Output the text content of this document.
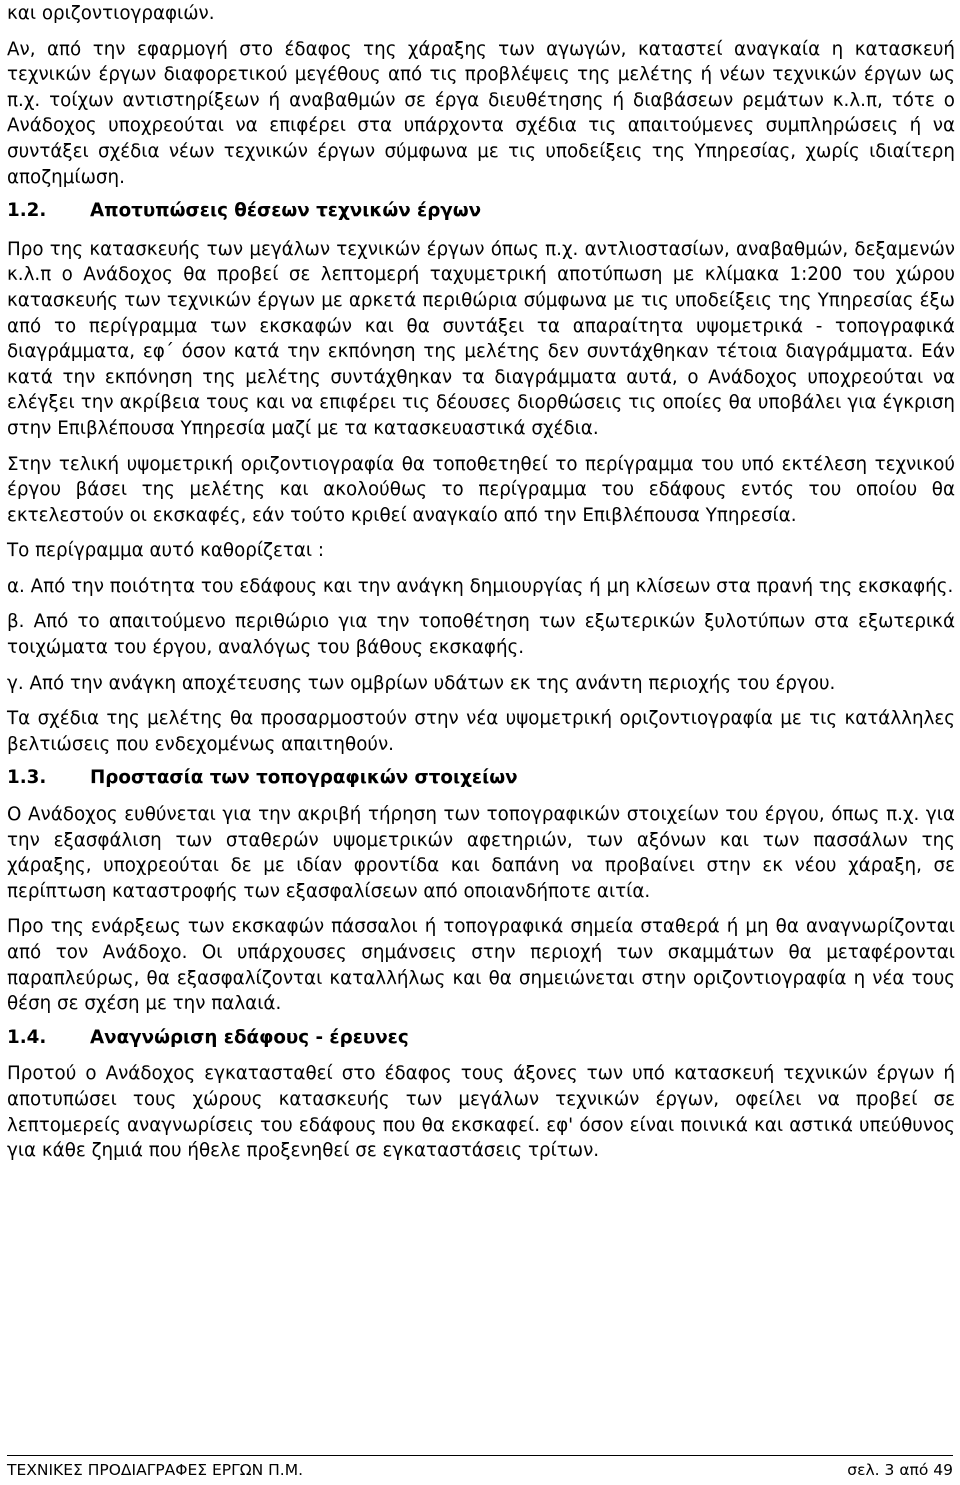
και οριζοντιογραφιών.

Αν, από την εφαρμογή στο έδαφος της χάραξης των αγωγών, καταστεί αναγκαία η κατασκευή τεχνικών έργων διαφορετικού μεγέθους από τις προβλέψεις της μελέτης ή νέων τεχνικών έργων ως π.χ. τοίχων αντιστηρίξεων ή αναβαθμών σε έργα διευθέτησης ή διαβάσεων ρεμάτων κ.λ.π, τότε ο Ανάδοχος υποχρεούται να επιφέρει στα υπάρχοντα σχέδια τις απαιτούμενες συμπληρώσεις ή να συντάξει σχέδια νέων τεχνικών έργων σύμφωνα με τις υποδείξεις της Υπηρεσίας, χωρίς ιδιαίτερη αποζημίωση.

1.2.	Αποτυπώσεις θέσεων τεχνικών έργων

Προ της κατασκευής των μεγάλων τεχνικών έργων όπως π.χ. αντλιοστασίων, αναβαθμών, δεξαμενών κ.λ.π ο Ανάδοχος θα προβεί σε λεπτομερή ταχυμετρική αποτύπωση με κλίμακα 1:200 του χώρου κατασκευής των τεχνικών έργων με αρκετά περιθώρια σύμφωνα με τις υποδείξεις της Υπηρεσίας έξω από το περίγραμμα των εκσκαφών και θα συντάξει τα απαραίτητα υψομετρικά - τοπογραφικά διαγράμματα, εφ΄ όσον κατά την εκπόνηση της μελέτης δεν συντάχθηκαν τέτοια διαγράμματα. Εάν κατά την εκπόνηση της μελέτης συντάχθηκαν τα διαγράμματα αυτά, ο Ανάδοχος υποχρεούται να ελέγξει την ακρίβεια τους και να επιφέρει τις δέουσες διορθώσεις τις οποίες θα υποβάλει για έγκριση στην Επιβλέπουσα Υπηρεσία μαζί με τα κατασκευαστικά σχέδια.

Στην τελική υψομετρική οριζοντιογραφία θα τοποθετηθεί το περίγραμμα του υπό εκτέλεση τεχνικού έργου βάσει της μελέτης και ακολούθως το περίγραμμα του εδάφους εντός του οποίου θα εκτελεστούν οι εκσκαφές, εάν τούτο κριθεί αναγκαίο από την Επιβλέπουσα Υπηρεσία.

Το περίγραμμα αυτό καθορίζεται :

α. Από την ποιότητα του εδάφους και την ανάγκη δημιουργίας ή μη κλίσεων στα πρανή της εκσκαφής.

β. Από το απαιτούμενο περιθώριο για την τοποθέτηση των εξωτερικών ξυλοτύπων στα εξωτερικά τοιχώματα του έργου, αναλόγως του βάθους εκσκαφής.

γ. Από την ανάγκη αποχέτευσης των ομβρίων υδάτων εκ της ανάντη περιοχής του έργου.

Τα σχέδια της μελέτης θα προσαρμοστούν στην νέα υψομετρική οριζοντιογραφία με τις κατάλληλες βελτιώσεις που ενδεχομένως απαιτηθούν.

1.3.	Προστασία των τοπογραφικών στοιχείων

Ο Ανάδοχος ευθύνεται για την ακριβή τήρηση των τοπογραφικών στοιχείων του έργου, όπως π.χ. για την εξασφάλιση των σταθερών υψομετρικών αφετηριών, των αξόνων και των πασσάλων της χάραξης, υποχρεούται δε με ιδίαν φροντίδα και δαπάνη να προβαίνει στην εκ νέου χάραξη, σε περίπτωση καταστροφής των εξασφαλίσεων από οποιανδήποτε αιτία.

Προ της ενάρξεως των εκσκαφών πάσσαλοι ή τοπογραφικά σημεία σταθερά ή μη θα αναγνωρίζονται από τον Ανάδοχο. Οι υπάρχουσες σημάνσεις στην περιοχή των σκαμμάτων θα μεταφέρονται παραπλεύρως, θα εξασφαλίζονται καταλλήλως και θα σημειώνεται στην οριζοντιογραφία η νέα τους θέση σε σχέση με την παλαιά.

1.4.	Αναγνώριση εδάφους - έρευνες

Προτού ο Ανάδοχος εγκατασταθεί στο έδαφος τους άξονες των υπό κατασκευή τεχνικών έργων ή αποτυπώσει τους χώρους κατασκευής των μεγάλων τεχνικών έργων, οφείλει να προβεί σε λεπτομερείς αναγνωρίσεις του εδάφους που θα εκσκαφεί. εφ' όσον είναι ποινικά και αστικά υπεύθυνος για κάθε ζημιά που ήθελε προξενηθεί σε εγκαταστάσεις τρίτων.

ΤΕΧΝΙΚΕΣ ΠΡΟΔΙΑΓΡΑΦΕΣ ΕΡΓΩΝ Π.Μ.	σελ. 3 από 49
